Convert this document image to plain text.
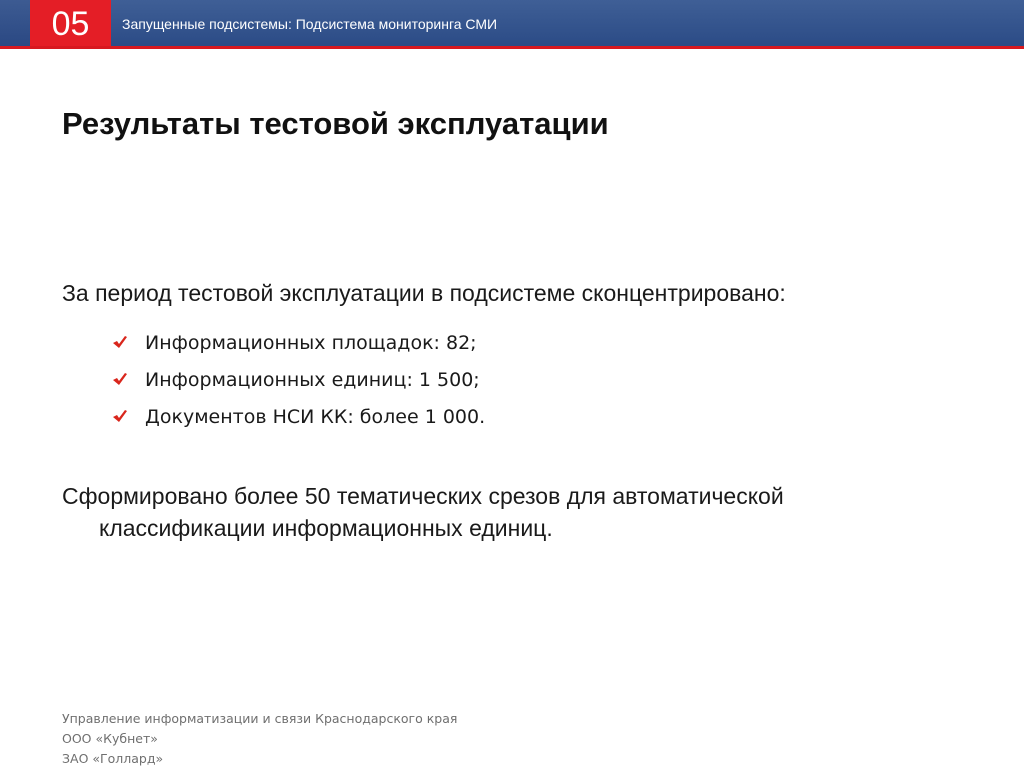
05	Запущенные подсистемы: Подсистема мониторинга СМИ
Результаты тестовой эксплуатации
За период тестовой эксплуатации в подсистеме сконцентрировано:
Информационных площадок: 82;
Информационных единиц: 1 500;
Документов НСИ КК: более 1 000.
Сформировано более 50 тематических срезов для автоматической
классификации информационных единиц.
Управление информатизации и связи Краснодарского края
ООО «Кубнет»
ЗАО «Голлард»
